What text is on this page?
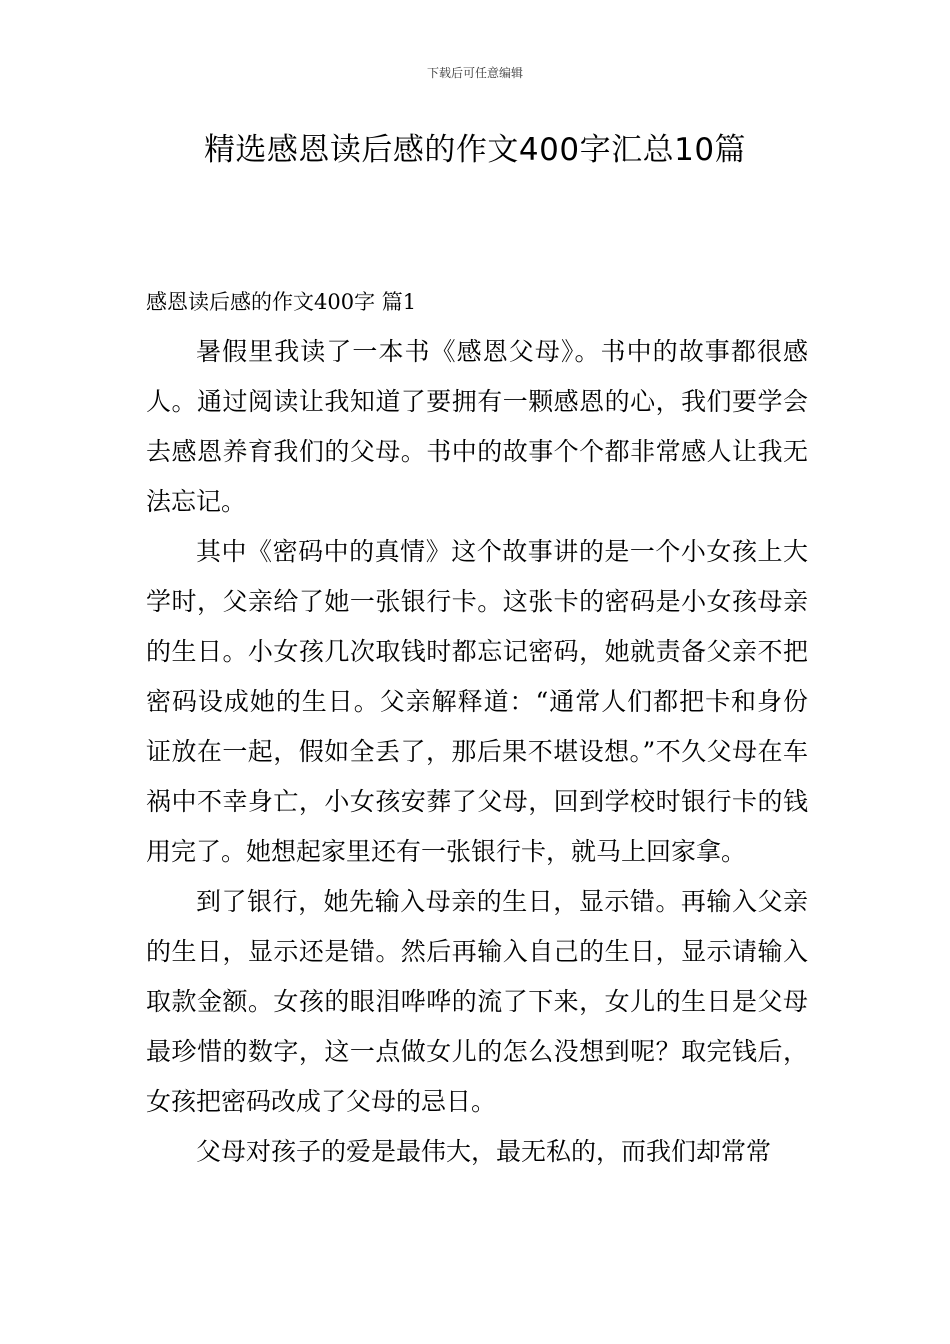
下载后可任意编辑
精选感恩读后感的作文400字汇总10篇

感恩读后感的作文400字 篇1

暑假里我读了一本书《感恩父母》。书中的故事都很感人。通过阅读让我知道了要拥有一颗感恩的心，我们要学会去感恩养育我们的父母。书中的故事个个都非常感人让我无法忘记。

其中《密码中的真情》这个故事讲的是一个小女孩上大学时，父亲给了她一张银行卡。这张卡的密码是小女孩母亲的生日。小女孩几次取钱时都忘记密码，她就责备父亲不把密码设成她的生日。父亲解释道：“通常人们都把卡和身份证放在一起，假如全丢了，那后果不堪设想。”不久父母在车祸中不幸身亡，小女孩安葬了父母，回到学校时银行卡的钱用完了。她想起家里还有一张银行卡，就马上回家拿。

到了银行，她先输入母亲的生日，显示错。再输入父亲的生日，显示还是错。然后再输入自己的生日，显示请输入取款金额。女孩的眼泪哗哗的流了下来，女儿的生日是父母最珍惜的数字，这一点做女儿的怎么没想到呢？取完钱后，女孩把密码改成了父母的忌日。

父母对孩子的爱是最伟大，最无私的，而我们却常常
